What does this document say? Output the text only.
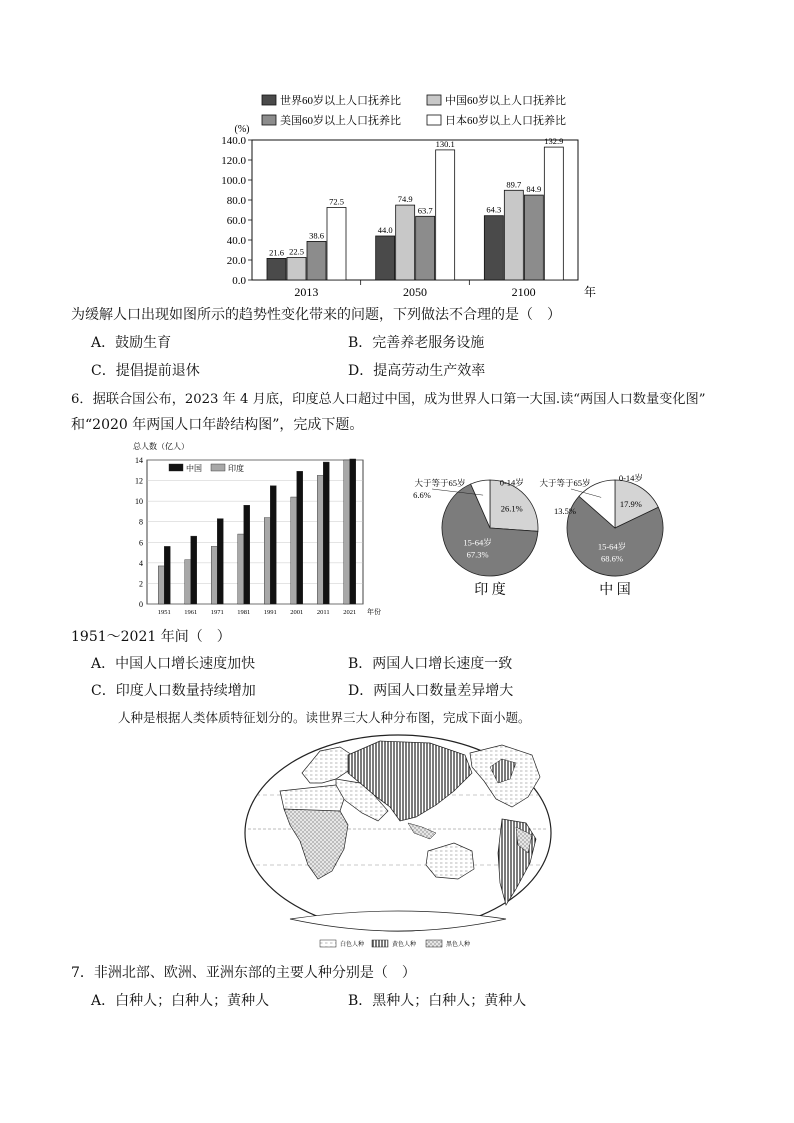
世界60岁以上人口抚养比	中国60岁以上人口抚养比
美国60岁以上人口抚养比	日本60岁以上人口抚养比
0.0
20.0
40.0
60.0
80.0
100.0
120.0
140.0
(%)
2013	2050	2100	年
21.6 22.5
38.6
72.5
44.0
74.9
63.7
130.1
64.3
89.7 84.9
132.9
为缓解人口出现如图所示的趋势性变化带来的问题，下列做法不合理的是（　）
A．鼓励生育	B．完善养老服务设施
C．提倡提前退休	D．提高劳动生产效率
6．据联合国公布，2023 年 4 月底，印度总人口超过中国，成为世界人口第一大国.读“两国人口数量变化图”
和“2020 年两国人口年龄结构图”，完成下题。
0
2
4
6
8
10
12
14
总人数（亿人）
1951 1961 1971 1981 1991 2001 2011 2021 年份
中国	印度
0-14岁
26.1%
15-64岁
67.3%
大于等于65岁
6.6%
印 度
0-14岁
17.9%
15-64岁
68.6%
大于等于65岁
13.5%
中 国
1951～2021 年间（　）
A．中国人口增长速度加快	B．两国人口增长速度一致
C．印度人口数量持续增加	D．两国人口数量差异增大
人种是根据人类体质特征划分的。读世界三大人种分布图，完成下面小题。
白色人种	黄色人种	黑色人种
7．非洲北部、欧洲、亚洲东部的主要人种分别是（　）
A．白种人；白种人；黄种人	B．黑种人；白种人；黄种人
